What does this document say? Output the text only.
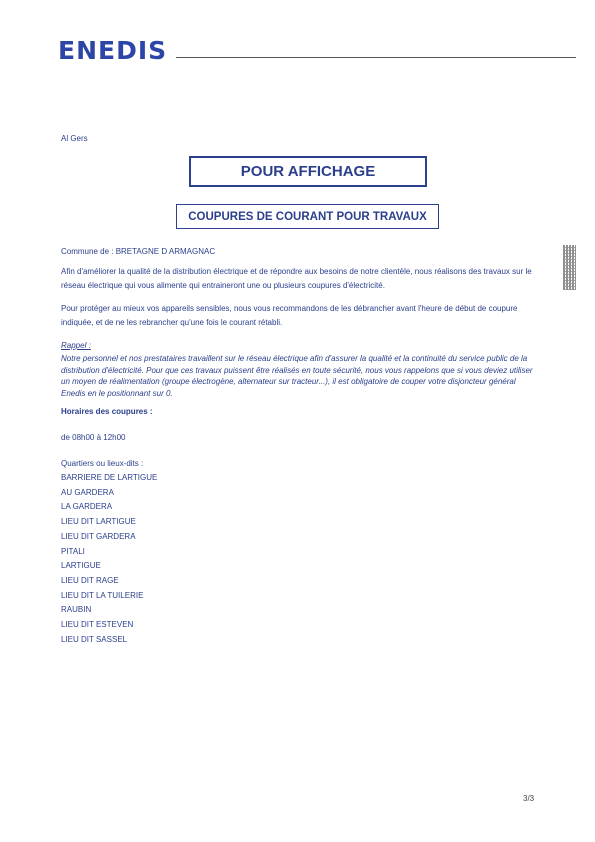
ENEDIS
Al Gers
POUR AFFICHAGE
COUPURES DE COURANT POUR TRAVAUX

Commune de : BRETAGNE D ARMAGNAC

Afin d'améliorer la qualité de la distribution électrique et de répondre aux besoins de notre clientèle, nous réalisons des travaux sur le réseau électrique qui vous alimente qui entraineront une ou plusieurs coupures d'électricité.

Pour protéger au mieux vos appareils sensibles, nous vous recommandons de les débrancher avant l'heure de début de coupure indiquée, et de ne les rebrancher qu'une fois le courant rétabli.

Rappel :

Notre personnel et nos prestataires travaillent sur le réseau électrique afin d'assurer la qualité et la continuité du service public de la distribution d'électricité. Pour que ces travaux puissent être réalisés en toute sécurité, nous vous rappelons que si vous deviez utiliser un moyen de réalimentation (groupe électrogène, alternateur sur tracteur...), il est obligatoire de couper votre disjoncteur général Enedis en le positionnant sur 0.

Horaires des coupures :

de 08h00 à 12h00

Quartiers ou lieux-dits :

BARRIERE DE LARTIGUE
AU GARDERA
LA GARDERA
LIEU DIT LARTIGUE
LIEU DIT GARDERA
PITALI
LARTIGUE
LIEU DIT RAGE
LIEU DIT LA TUILERIE
RAUBIN
LIEU DIT ESTEVEN
LIEU DIT SASSEL
3/3
